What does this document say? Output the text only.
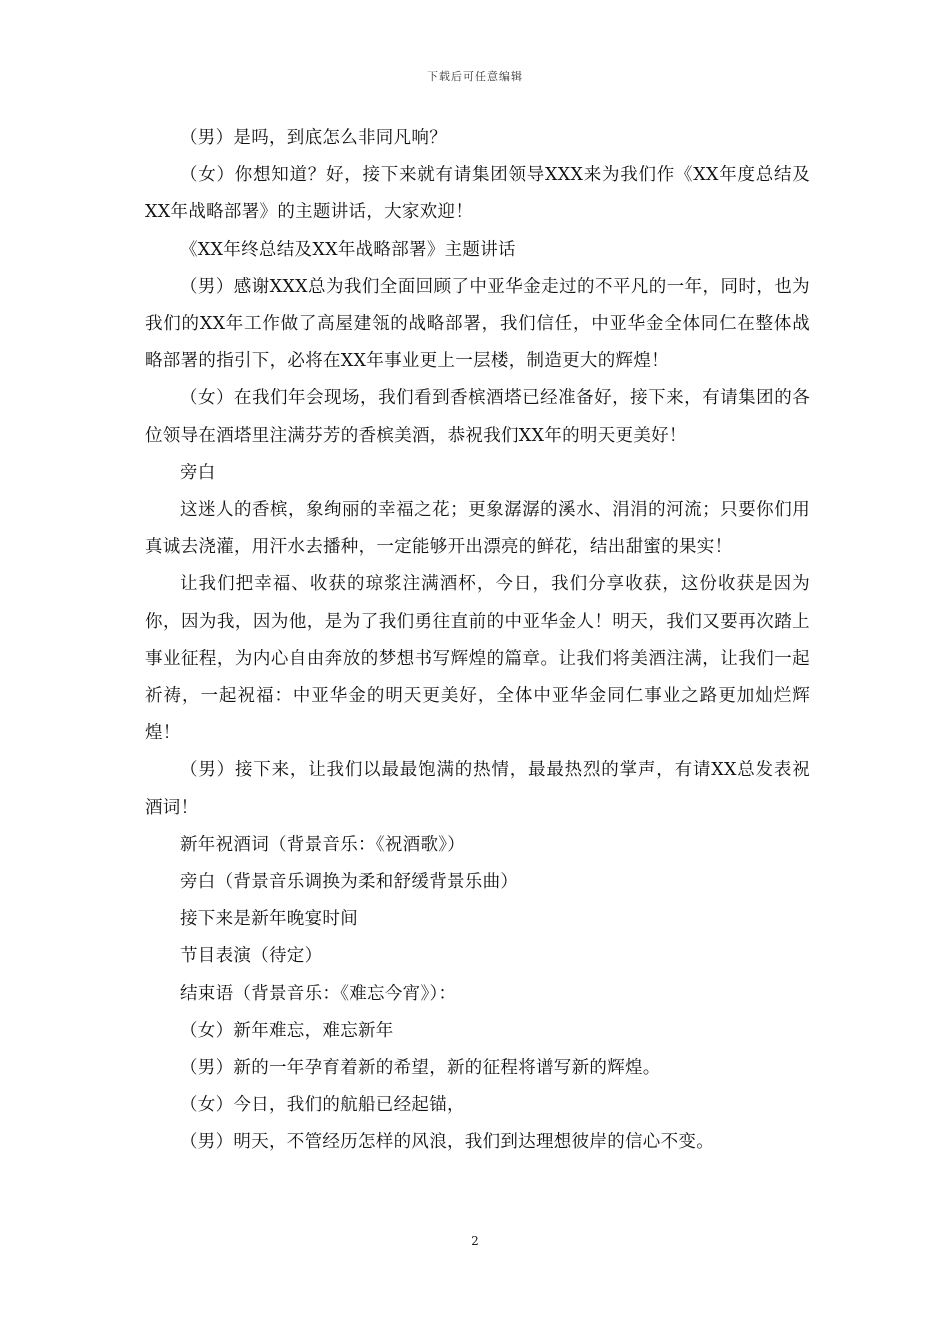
下载后可任意编辑

（男）是吗，到底怎么非同凡响？

（女）你想知道？好，接下来就有请集团领导XXX来为我们作《XX年度总结及XX年战略部署》的主题讲话，大家欢迎！

《XX年终总结及XX年战略部署》主题讲话

（男）感谢XXX总为我们全面回顾了中亚华金走过的不平凡的一年，同时，也为我们的XX年工作做了高屋建瓴的战略部署，我们信任，中亚华金全体同仁在整体战略部署的指引下，必将在XX年事业更上一层楼，制造更大的辉煌！

（女）在我们年会现场，我们看到香槟酒塔已经准备好，接下来，有请集团的各位领导在酒塔里注满芬芳的香槟美酒，恭祝我们XX年的明天更美好！

旁白

这迷人的香槟，象绚丽的幸福之花；更象潺潺的溪水、涓涓的河流；只要你们用真诚去浇灌，用汗水去播种，一定能够开出漂亮的鲜花，结出甜蜜的果实！

让我们把幸福、收获的琼浆注满酒杯，今日，我们分享收获，这份收获是因为你，因为我，因为他，是为了我们勇往直前的中亚华金人！明天，我们又要再次踏上事业征程，为内心自由奔放的梦想书写辉煌的篇章。让我们将美酒注满，让我们一起祈祷，一起祝福：中亚华金的明天更美好，全体中亚华金同仁事业之路更加灿烂辉煌！

（男）接下来，让我们以最最饱满的热情，最最热烈的掌声，有请XX总发表祝酒词！

新年祝酒词（背景音乐：《祝酒歌》）

旁白（背景音乐调换为柔和舒缓背景乐曲）

接下来是新年晚宴时间

节目表演（待定）

结束语（背景音乐：《难忘今宵》）：

（女）新年难忘，难忘新年

（男）新的一年孕育着新的希望，新的征程将谱写新的辉煌。

（女）今日，我们的航船已经起锚，

（男）明天，不管经历怎样的风浪，我们到达理想彼岸的信心不变。

2
